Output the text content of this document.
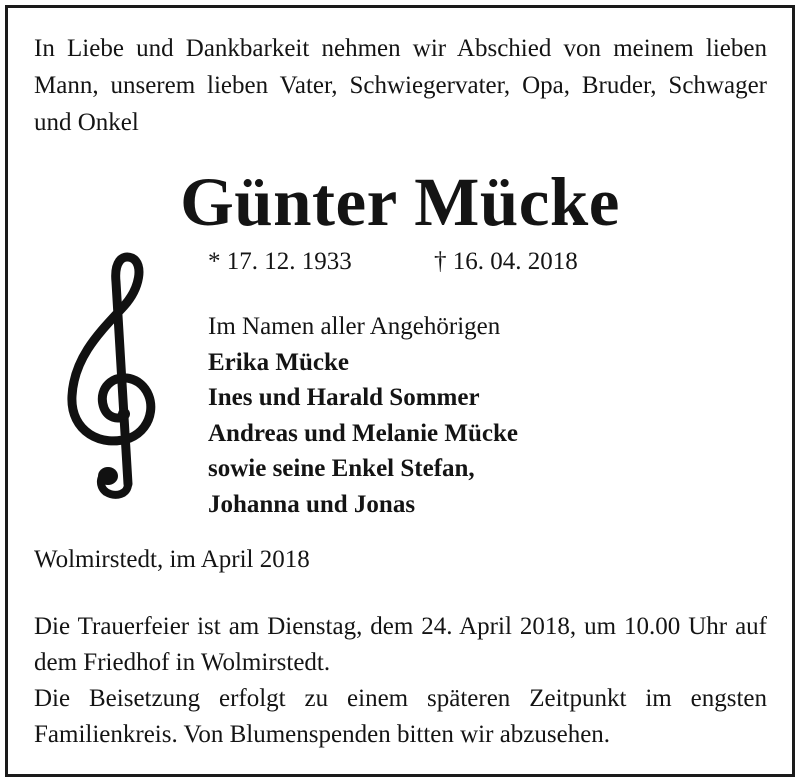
In Liebe und Dankbarkeit nehmen wir Abschied von meinem lieben Mann, unserem lieben Vater, Schwiegervater, Opa, Bruder, Schwager und Onkel

Günter Mücke
* 17. 12. 1933	† 16. 04. 2018
Im Namen aller Angehörigen
Erika Mücke
Ines und Harald Sommer
Andreas und Melanie Mücke
sowie seine Enkel Stefan,
Johanna und Jonas

Wolmirstedt, im April 2018

Die Trauerfeier ist am Dienstag, dem 24. April 2018, um 10.00 Uhr auf dem Friedhof in Wolmirstedt.
Die Beisetzung erfolgt zu einem späteren Zeitpunkt im engsten Familienkreis. Von Blumenspenden bitten wir abzusehen.
